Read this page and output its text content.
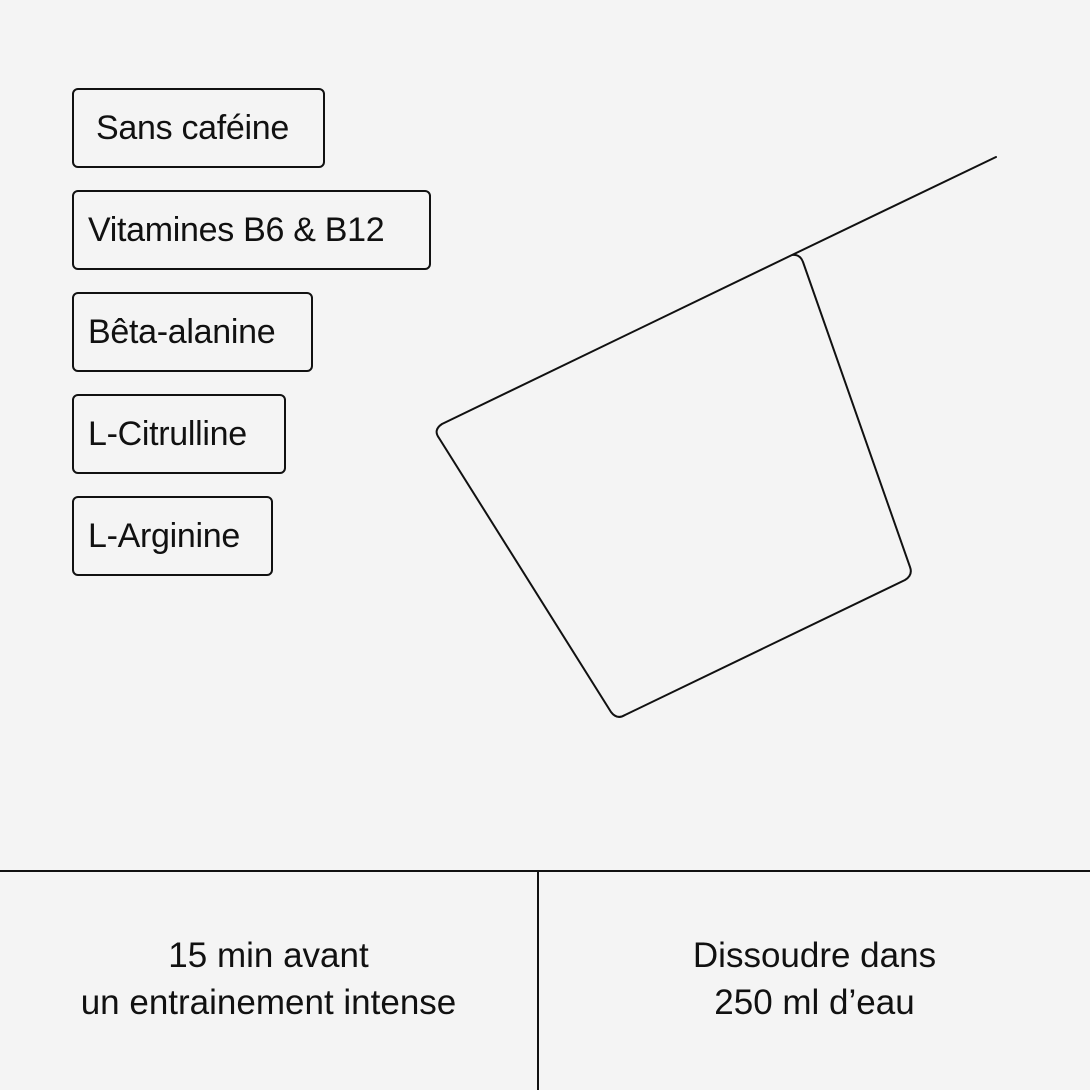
Sans caféine
Vitamines B6 & B12
Bêta-alanine
L-Citrulline
L-Arginine
15 min avant
un entrainement intense
Dissoudre dans
250 ml d’eau
